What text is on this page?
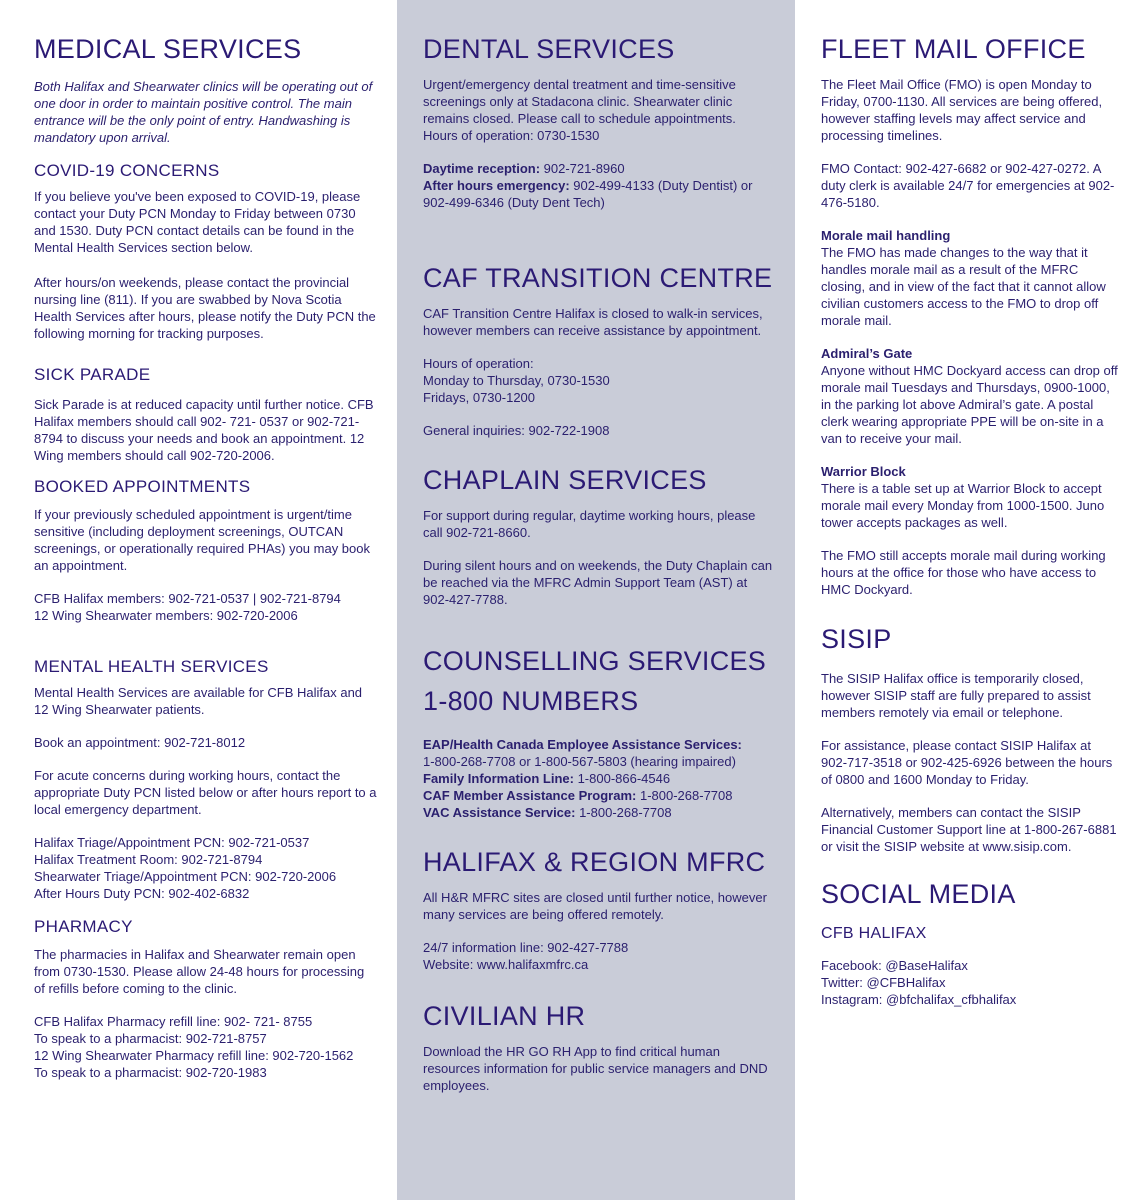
MEDICAL SERVICES
Both Halifax and Shearwater clinics will be operating out of one door in order to maintain positive control. The main entrance will be the only point of entry. Handwashing is mandatory upon arrival.
COVID-19 CONCERNS
If you believe you've been exposed to COVID-19, please contact your Duty PCN Monday to Friday between 0730 and 1530. Duty PCN contact details can be found in the Mental Health Services section below.
After hours/on weekends, please contact the provincial nursing line (811). If you are swabbed by Nova Scotia Health Services after hours, please notify the Duty PCN the following morning for tracking purposes.
SICK PARADE
Sick Parade is at reduced capacity until further notice. CFB Halifax members should call 902- 721- 0537 or 902-721-8794 to discuss your needs and book an appointment. 12 Wing members should call 902-720-2006.
BOOKED APPOINTMENTS
If your previously scheduled appointment is urgent/time sensitive (including deployment screenings, OUTCAN screenings, or operationally required PHAs) you may book an appointment.
CFB Halifax members: 902-721-0537 | 902-721-8794
12 Wing Shearwater members: 902-720-2006
MENTAL HEALTH SERVICES
Mental Health Services are available for CFB Halifax and 12 Wing Shearwater patients.
Book an appointment: 902-721-8012
For acute concerns during working hours, contact the appropriate Duty PCN listed below or after hours report to a local emergency department.
Halifax Triage/Appointment PCN: 902-721-0537
Halifax Treatment Room: 902-721-8794
Shearwater Triage/Appointment PCN: 902-720-2006
After Hours Duty PCN: 902-402-6832
PHARMACY
The pharmacies in Halifax and Shearwater remain open from 0730-1530. Please allow 24-48 hours for processing of refills before coming to the clinic.
CFB Halifax Pharmacy refill line: 902- 721- 8755
To speak to a pharmacist: 902-721-8757
12 Wing Shearwater Pharmacy refill line: 902-720-1562
To speak to a pharmacist: 902-720-1983
DENTAL SERVICES
Urgent/emergency dental treatment and time-sensitive screenings only at Stadacona clinic. Shearwater clinic remains closed. Please call to schedule appointments. Hours of operation: 0730-1530
Daytime reception: 902-721-8960
After hours emergency: 902-499-4133 (Duty Dentist) or 902-499-6346 (Duty Dent Tech)
CAF TRANSITION CENTRE
CAF Transition Centre Halifax is closed to walk-in services, however members can receive assistance by appointment.
Hours of operation:
Monday to Thursday, 0730-1530
Fridays, 0730-1200
General inquiries: 902-722-1908
CHAPLAIN SERVICES
For support during regular, daytime working hours, please call 902-721-8660.
During silent hours and on weekends, the Duty Chaplain can be reached via the MFRC Admin Support Team (AST) at 902-427-7788.
COUNSELLING SERVICES
1-800 NUMBERS
EAP/Health Canada Employee Assistance Services:
1-800-268-7708 or 1-800-567-5803 (hearing impaired)
Family Information Line: 1-800-866-4546
CAF Member Assistance Program: 1-800-268-7708
VAC Assistance Service: 1-800-268-7708
HALIFAX & REGION MFRC
All H&R MFRC sites are closed until further notice, however many services are being offered remotely.
24/7 information line: 902-427-7788
Website: www.halifaxmfrc.ca
CIVILIAN HR
Download the HR GO RH App to find critical human resources information for public service managers and DND employees.
FLEET MAIL OFFICE
The Fleet Mail Office (FMO) is open Monday to Friday, 0700-1130. All services are being offered, however staffing levels may affect service and processing timelines.
FMO Contact: 902-427-6682 or 902-427-0272. A duty clerk is available 24/7 for emergencies at 902-476-5180.
Morale mail handling
The FMO has made changes to the way that it handles morale mail as a result of the MFRC closing, and in view of the fact that it cannot allow civilian customers access to the FMO to drop off morale mail.
Admiral’s Gate
Anyone without HMC Dockyard access can drop off morale mail Tuesdays and Thursdays, 0900-1000, in the parking lot above Admiral’s gate. A postal clerk wearing appropriate PPE will be on-site in a van to receive your mail.
Warrior Block
There is a table set up at Warrior Block to accept morale mail every Monday from 1000-1500. Juno tower accepts packages as well.
The FMO still accepts morale mail during working hours at the office for those who have access to HMC Dockyard.
SISIP
The SISIP Halifax office is temporarily closed, however SISIP staff are fully prepared to assist members remotely via email or telephone.
For assistance, please contact SISIP Halifax at 902-717-3518 or 902-425-6926 between the hours of 0800 and 1600 Monday to Friday.
Alternatively, members can contact the SISIP Financial Customer Support line at 1-800-267-6881 or visit the SISIP website at www.sisip.com.
SOCIAL MEDIA
CFB HALIFAX
Facebook: @BaseHalifax
Twitter: @CFBHalifax
Instagram: @bfchalifax_cfbhalifax
